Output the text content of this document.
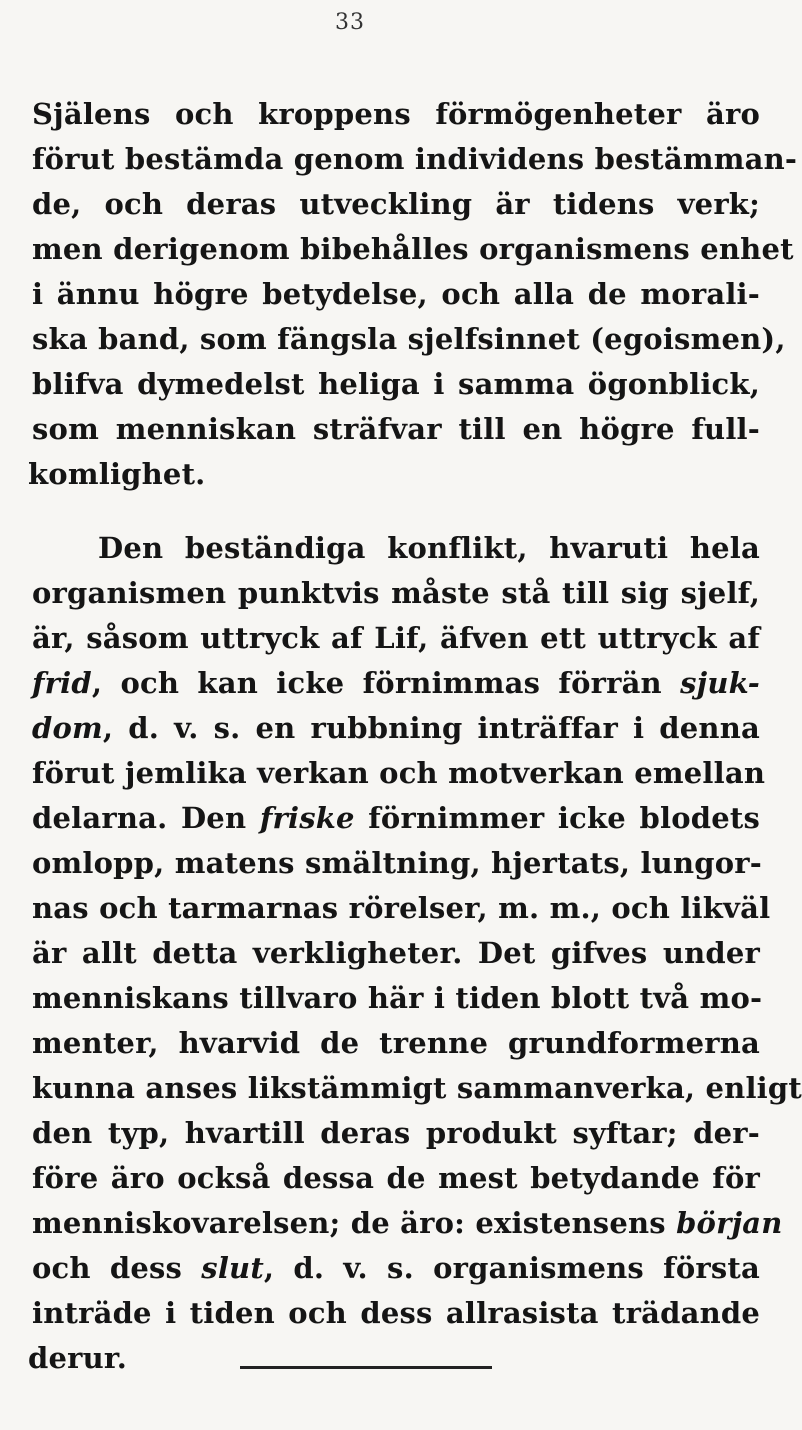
33
Själens och kroppens förmögenheter äro
förut bestämda genom individens bestämman-
de, och deras utveckling är tidens verk;
men derigenom bibehålles organismens enhet
i ännu högre betydelse, och alla de morali-
ska band, som fängsla sjelfsinnet (egoismen),
blifva dymedelst heliga i samma ögonblick,
som menniskan sträfvar till en högre full-
komlighet.
Den beständiga konflikt, hvaruti hela
organismen punktvis måste stå till sig sjelf,
är, såsom uttryck af Lif, äfven ett uttryck af
frid, och kan icke förnimmas förrän sjuk-
dom, d. v. s. en rubbning inträffar i denna
förut jemlika verkan och motverkan emellan
delarna. Den friske förnimmer icke blodets
omlopp, matens smältning, hjertats, lungor-
nas och tarmarnas rörelser, m. m., och likväl
är allt detta verkligheter. Det gifves under
menniskans tillvaro här i tiden blott två mo-
menter, hvarvid de trenne grundformerna
kunna anses likstämmigt sammanverka, enligt
den typ, hvartill deras produkt syftar; der-
före äro också dessa de mest betydande för
menniskovarelsen; de äro: existensens början
och dess slut, d. v. s. organismens första
inträde i tiden och dess allrasista trädande
derur.
